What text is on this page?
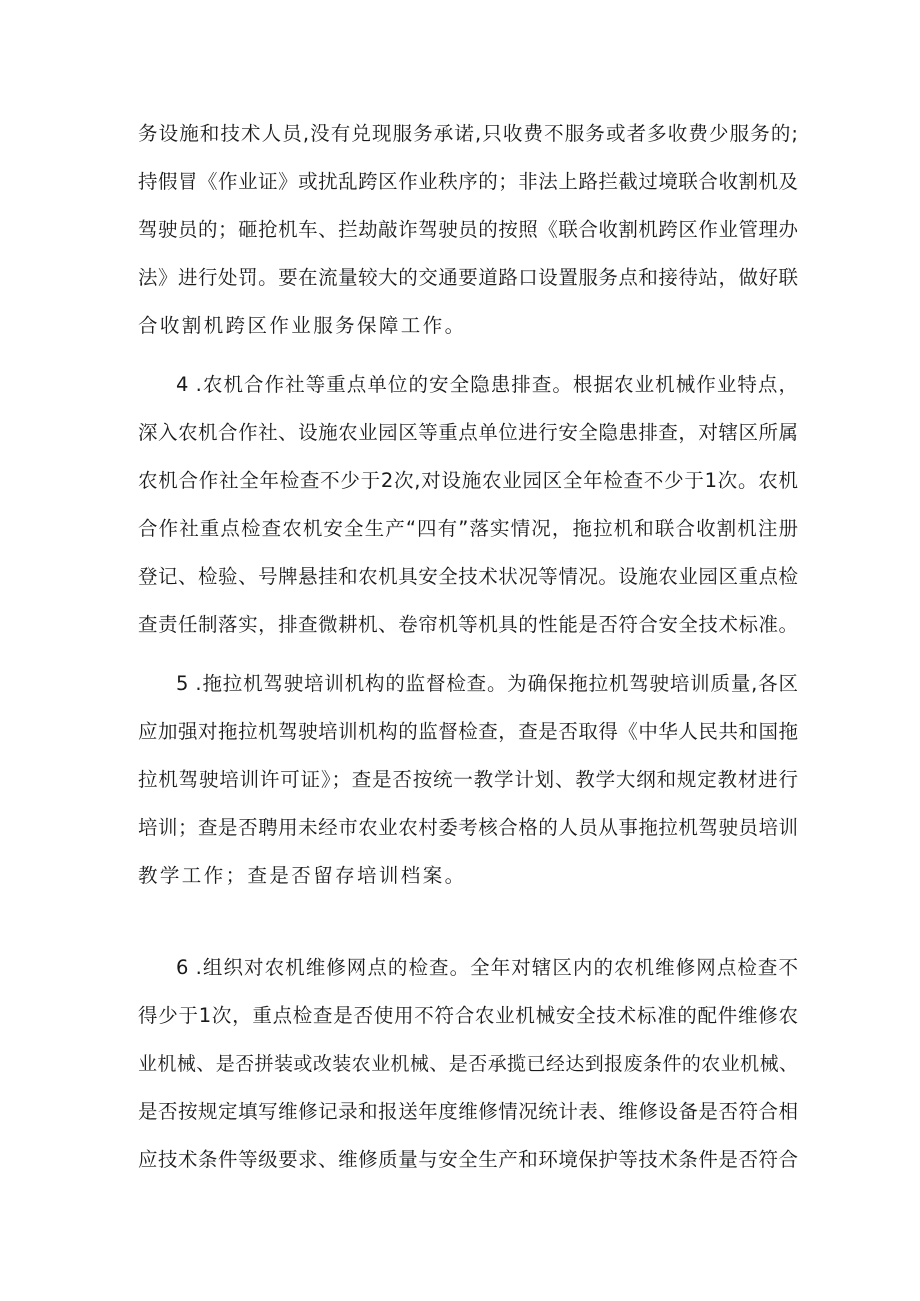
务设施和技术人员,没有兑现服务承诺,只收费不服务或者多收费少服务的;
持假冒《作业证》或扰乱跨区作业秩序的；非法上路拦截过境联合收割机及
驾驶员的；砸抢机车、拦劫敲诈驾驶员的按照《联合收割机跨区作业管理办
法》进行处罚。要在流量较大的交通要道路口设置服务点和接待站，做好联
合收割机跨区作业服务保障工作。
4 .农机合作社等重点单位的安全隐患排查。根据农业机械作业特点，
深入农机合作社、设施农业园区等重点单位进行安全隐患排查，对辖区所属
农机合作社全年检查不少于2次,对设施农业园区全年检查不少于1次。农机
合作社重点检查农机安全生产“四有”落实情况，拖拉机和联合收割机注册
登记、检验、号牌悬挂和农机具安全技术状况等情况。设施农业园区重点检
查责任制落实，排查微耕机、卷帘机等机具的性能是否符合安全技术标准。
5 .拖拉机驾驶培训机构的监督检查。为确保拖拉机驾驶培训质量,各区
应加强对拖拉机驾驶培训机构的监督检查，查是否取得《中华人民共和国拖
拉机驾驶培训许可证》；查是否按统一教学计划、教学大纲和规定教材进行
培训；查是否聘用未经市农业农村委考核合格的人员从事拖拉机驾驶员培训
教学工作；查是否留存培训档案。
6 .组织对农机维修网点的检查。全年对辖区内的农机维修网点检查不
得少于1次，重点检查是否使用不符合农业机械安全技术标准的配件维修农
业机械、是否拼装或改装农业机械、是否承揽已经达到报废条件的农业机械、
是否按规定填写维修记录和报送年度维修情况统计表、维修设备是否符合相
应技术条件等级要求、维修质量与安全生产和环境保护等技术条件是否符合
